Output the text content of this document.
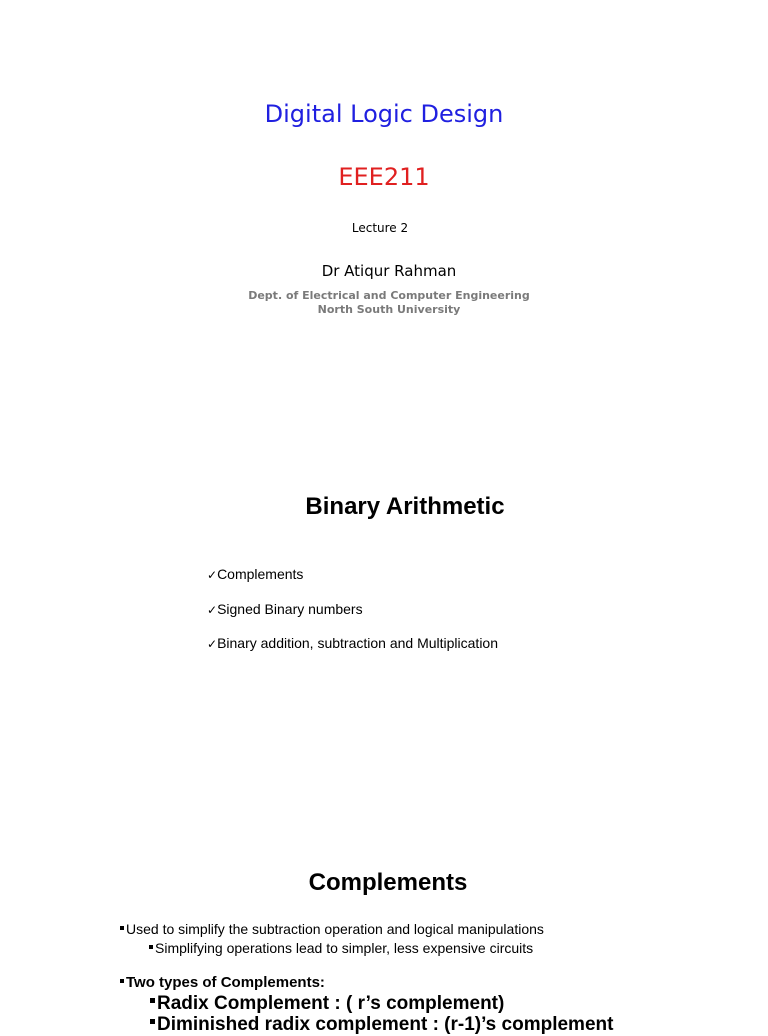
Digital Logic Design
EEE211
Lecture 2
Dr Atiqur Rahman
Dept. of Electrical and Computer Engineering
North South University
Binary Arithmetic
✓Complements
✓Signed Binary numbers
✓Binary addition, subtraction and Multiplication
Complements
Used to simplify the subtraction operation and logical manipulations
Simplifying operations lead to simpler, less expensive circuits
Two types of Complements:
Radix Complement : ( r’s complement)
Diminished radix complement : (r-1)’s complement
